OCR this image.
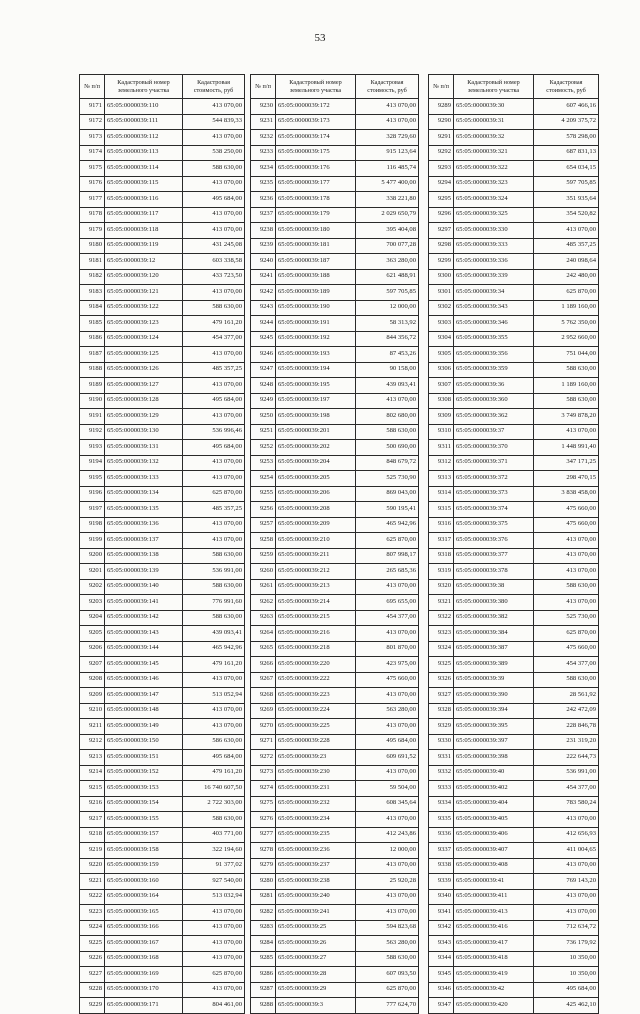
53
№ п/п	Кадастровый номер земельного участка	Кадастровая стоимость, руб
9171	65:05:0000039:110	413 070,00
9172	65:05:0000039:111	544 839,33
9173	65:05:0000039:112	413 070,00
9174	65:05:0000039:113	538 250,00
9175	65:05:0000039:114	588 630,00
9176	65:05:0000039:115	413 070,00
9177	65:05:0000039:116	495 684,00
9178	65:05:0000039:117	413 070,00
9179	65:05:0000039:118	413 070,00
9180	65:05:0000039:119	431 245,08
9181	65:05:0000039:12	603 338,58
9182	65:05:0000039:120	433 723,50
9183	65:05:0000039:121	413 070,00
9184	65:05:0000039:122	588 630,00
9185	65:05:0000039:123	479 161,20
9186	65:05:0000039:124	454 377,00
9187	65:05:0000039:125	413 070,00
9188	65:05:0000039:126	485 357,25
9189	65:05:0000039:127	413 070,00
9190	65:05:0000039:128	495 684,00
9191	65:05:0000039:129	413 070,00
9192	65:05:0000039:130	536 996,46
9193	65:05:0000039:131	495 684,00
9194	65:05:0000039:132	413 070,00
9195	65:05:0000039:133	413 070,00
9196	65:05:0000039:134	625 870,00
9197	65:05:0000039:135	485 357,25
9198	65:05:0000039:136	413 070,00
9199	65:05:0000039:137	413 070,00
9200	65:05:0000039:138	588 630,00
9201	65:05:0000039:139	536 991,00
9202	65:05:0000039:140	588 630,00
9203	65:05:0000039:141	776 991,60
9204	65:05:0000039:142	588 630,00
9205	65:05:0000039:143	439 093,41
9206	65:05:0000039:144	465 942,96
9207	65:05:0000039:145	479 161,20
9208	65:05:0000039:146	413 070,00
9209	65:05:0000039:147	513 052,94
9210	65:05:0000039:148	413 070,00
9211	65:05:0000039:149	413 070,00
9212	65:05:0000039:150	586 630,00
9213	65:05:0000039:151	495 684,00
9214	65:05:0000039:152	479 161,20
9215	65:05:0000039:153	16 740 607,50
9216	65:05:0000039:154	2 722 303,00
9217	65:05:0000039:155	588 630,00
9218	65:05:0000039:157	403 771,00
9219	65:05:0000039:158	322 194,60
9220	65:05:0000039:159	91 377,02
9221	65:05:0000039:160	927 540,00
9222	65:05:0000039:164	513 032,94
9223	65:05:0000039:165	413 070,00
9224	65:05:0000039:166	413 070,00
9225	65:05:0000039:167	413 070,00
9226	65:05:0000039:168	413 070,00
9227	65:05:0000039:169	625 870,00
9228	65:05:0000039:170	413 070,00
9229	65:05:0000039:171	804 461,00
№ п/п	Кадастровый номер земельного участка	Кадастровая стоимость, руб
9230	65:05:0000039:172	413 070,00
9231	65:05:0000039:173	413 070,00
9232	65:05:0000039:174	328 729,60
9233	65:05:0000039:175	915 123,64
9234	65:05:0000039:176	116 485,74
9235	65:05:0000039:177	5 477 400,00
9236	65:05:0000039:178	338 221,80
9237	65:05:0000039:179	2 029 650,79
9238	65:05:0000039:180	395 404,08
9239	65:05:0000039:181	700 077,28
9240	65:05:0000039:187	363 280,00
9241	65:05:0000039:188	621 488,91
9242	65:05:0000039:189	597 705,85
9243	65:05:0000039:190	12 000,00
9244	65:05:0000039:191	58 313,92
9245	65:05:0000039:192	844 356,72
9246	65:05:0000039:193	87 453,26
9247	65:05:0000039:194	90 158,00
9248	65:05:0000039:195	439 093,41
9249	65:05:0000039:197	413 070,00
9250	65:05:0000039:198	802 680,00
9251	65:05:0000039:201	588 630,00
9252	65:05:0000039:202	500 690,00
9253	65:05:0000039:204	848 679,72
9254	65:05:0000039:205	525 730,90
9255	65:05:0000039:206	869 043,00
9256	65:05:0000039:208	590 195,41
9257	65:05:0000039:209	465 942,96
9258	65:05:0000039:210	625 870,00
9259	65:05:0000039:211	807 998,17
9260	65:05:0000039:212	265 685,36
9261	65:05:0000039:213	413 070,00
9262	65:05:0000039:214	695 655,00
9263	65:05:0000039:215	454 377,00
9264	65:05:0000039:216	413 070,00
9265	65:05:0000039:218	801 870,00
9266	65:05:0000039:220	423 975,00
9267	65:05:0000039:222	475 660,00
9268	65:05:0000039:223	413 070,00
9269	65:05:0000039:224	563 280,00
9270	65:05:0000039:225	413 070,00
9271	65:05:0000039:228	495 684,00
9272	65:05:0000039:23	609 691,52
9273	65:05:0000039:230	413 070,00
9274	65:05:0000039:231	59 504,00
9275	65:05:0000039:232	608 345,64
9276	65:05:0000039:234	413 070,00
9277	65:05:0000039:235	412 243,86
9278	65:05:0000039:236	12 000,00
9279	65:05:0000039:237	413 070,00
9280	65:05:0000039:238	25 920,28
9281	65:05:0000039:240	413 070,00
9282	65:05:0000039:241	413 070,00
9283	65:05:0000039:25	594 823,68
9284	65:05:0000039:26	563 280,00
9285	65:05:0000039:27	588 630,00
9286	65:05:0000039:28	607 093,50
9287	65:05:0000039:29	625 870,00
9288	65:05:0000039:3	777 624,70
№ п/п	Кадастровый номер земельного участка	Кадастровая стоимость, руб
9289	65:05:0000039:30	607 466,16
9290	65:05:0000039:31	4 209 375,72
9291	65:05:0000039:32	578 298,00
9292	65:05:0000039:321	687 831,13
9293	65:05:0000039:322	654 034,15
9294	65:05:0000039:323	597 705,85
9295	65:05:0000039:324	351 935,64
9296	65:05:0000039:325	354 520,82
9297	65:05:0000039:330	413 070,00
9298	65:05:0000039:333	485 357,25
9299	65:05:0000039:336	240 098,64
9300	65:05:0000039:339	242 480,00
9301	65:05:0000039:34	625 870,00
9302	65:05:0000039:343	1 189 160,00
9303	65:05:0000039:346	5 762 350,00
9304	65:05:0000039:355	2 952 660,00
9305	65:05:0000039:356	751 044,00
9306	65:05:0000039:359	588 630,00
9307	65:05:0000039:36	1 189 160,00
9308	65:05:0000039:360	588 630,00
9309	65:05:0000039:362	3 749 878,20
9310	65:05:0000039:37	413 070,00
9311	65:05:0000039:370	1 448 991,40
9312	65:05:0000039:371	347 171,25
9313	65:05:0000039:372	298 470,15
9314	65:05:0000039:373	3 838 458,00
9315	65:05:0000039:374	475 660,00
9316	65:05:0000039:375	475 660,00
9317	65:05:0000039:376	413 070,00
9318	65:05:0000039:377	413 070,00
9319	65:05:0000039:378	413 070,00
9320	65:05:0000039:38	588 630,00
9321	65:05:0000039:380	413 070,00
9322	65:05:0000039:382	525 730,00
9323	65:05:0000039:384	625 870,00
9324	65:05:0000039:387	475 660,00
9325	65:05:0000039:389	454 377,00
9326	65:05:0000039:39	588 630,00
9327	65:05:0000039:390	28 561,92
9328	65:05:0000039:394	242 472,09
9329	65:05:0000039:395	228 846,78
9330	65:05:0000039:397	231 319,20
9331	65:05:0000039:398	222 644,73
9332	65:05:0000039:40	536 991,00
9333	65:05:0000039:402	454 377,00
9334	65:05:0000039:404	783 580,24
9335	65:05:0000039:405	413 070,00
9336	65:05:0000039:406	412 656,93
9337	65:05:0000039:407	411 004,65
9338	65:05:0000039:408	413 070,00
9339	65:05:0000039:41	769 143,20
9340	65:05:0000039:411	413 070,00
9341	65:05:0000039:413	413 070,00
9342	65:05:0000039:416	712 634,72
9343	65:05:0000039:417	736 179,92
9344	65:05:0000039:418	10 350,00
9345	65:05:0000039:419	10 350,00
9346	65:05:0000039:42	495 684,00
9347	65:05:0000039:420	425 462,10
